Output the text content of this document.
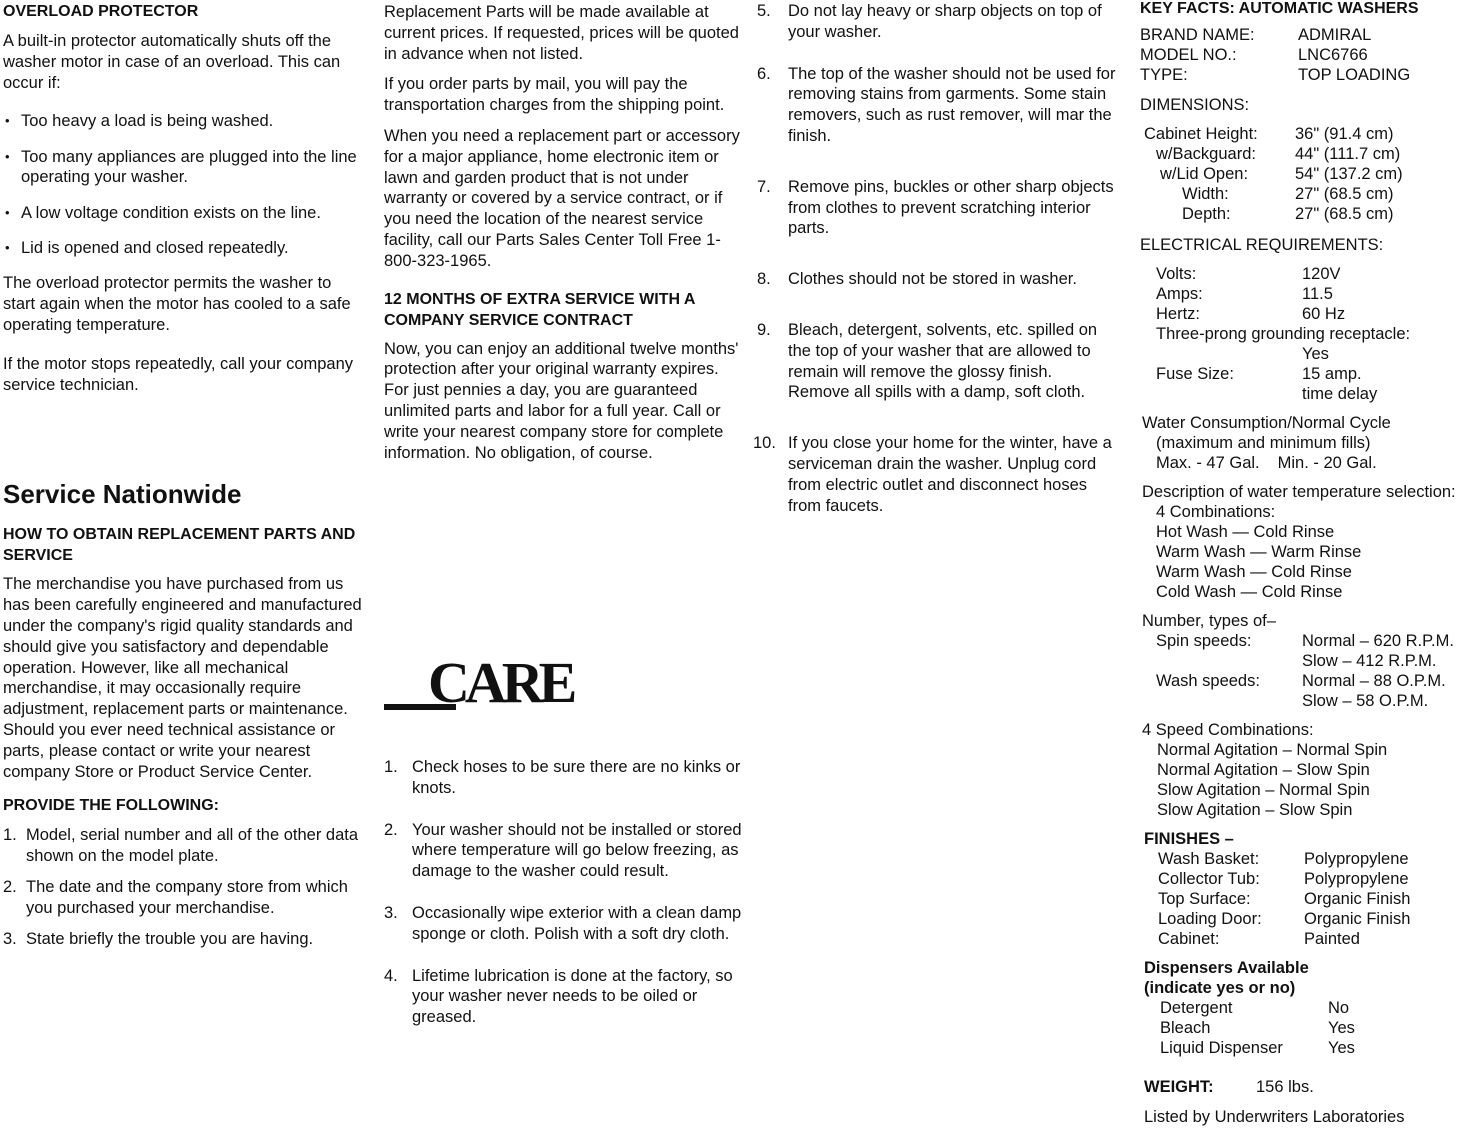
OVERLOAD PROTECTOR

A built-in protector automatically shuts off the washer motor in case of an overload. This can occur if:

• Too heavy a load is being washed.
• Too many appliances are plugged into the line operating your washer.
• A low voltage condition exists on the line.
• Lid is opened and closed repeatedly.

The overload protector permits the washer to start again when the motor has cooled to a safe operating temperature.

If the motor stops repeatedly, call your company service technician.

Service Nationwide
HOW TO OBTAIN REPLACEMENT PARTS AND SERVICE

The merchandise you have purchased from us has been carefully engineered and manufactured under the company's rigid quality standards and should give you satisfactory and dependable operation. However, like all mechanical merchandise, it may occasionally require adjustment, replacement parts or maintenance. Should you ever need technical assistance or parts, please contact or write your nearest company Store or Product Service Center.

PROVIDE THE FOLLOWING:
1. Model, serial number and all of the other data shown on the model plate.
2. The date and the company store from which you purchased your merchandise.
3. State briefly the trouble you are having.

Replacement Parts will be made available at current prices. If requested, prices will be quoted in advance when not listed.

If you order parts by mail, you will pay the transportation charges from the shipping point.

When you need a replacement part or accessory for a major appliance, home electronic item or lawn and garden product that is not under warranty or covered by a service contract, or if you need the location of the nearest service facility, call our Parts Sales Center Toll Free 1-800-323-1965.

12 MONTHS OF EXTRA SERVICE WITH A COMPANY SERVICE CONTRACT

Now, you can enjoy an additional twelve months' protection after your original warranty expires. For just pennies a day, you are guaranteed unlimited parts and labor for a full year. Call or write your nearest company store for complete information. No obligation, of course.

CARE
1. Check hoses to be sure there are no kinks or knots.
2. Your washer should not be installed or stored where temperature will go below freezing, as damage to the washer could result.
3. Occasionally wipe exterior with a clean damp sponge or cloth. Polish with a soft dry cloth.
4. Lifetime lubrication is done at the factory, so your washer never needs to be oiled or greased.
5.	Do not lay heavy or sharp objects on top of your washer.
6.	The top of the washer should not be used for removing stains from garments. Some stain removers, such as rust remover, will mar the finish.
7.	Remove pins, buckles or other sharp objects from clothes to prevent scratching interior parts.
8.	Clothes should not be stored in washer.
9.	Bleach, detergent, solvents, etc. spilled on the top of your washer that are allowed to remain will remove the glossy finish. Remove all spills with a damp, soft cloth.
10. If you close your home for the winter, have a serviceman drain the washer. Unplug cord from electric outlet and disconnect hoses from faucets.
KEY FACTS: AUTOMATIC WASHERS
BRAND NAME:	ADMIRAL
MODEL NO.:	LNC6766
TYPE:	TOP LOADING
DIMENSIONS:
Cabinet Height:	36" (91.4 cm)
w/Backguard:	44" (111.7 cm)
w/Lid Open:	54" (137.2 cm)
Width:	27" (68.5 cm)
Depth:	27" (68.5 cm)
ELECTRICAL REQUIREMENTS:
Volts:	120V
Amps:	11.5
Hertz:	60 Hz
Three-prong grounding receptacle:
Yes
Fuse Size:	15 amp.
time delay
Water Consumption/Normal Cycle
(maximum and minimum fills)
Max. - 47 Gal. Min. - 20 Gal.
Description of water temperature selection:
4 Combinations:
Hot Wash — Cold Rinse
Warm Wash — Warm Rinse
Warm Wash — Cold Rinse
Cold Wash — Cold Rinse
Number, types of–
Spin speeds:	Normal – 620 R.P.M.
Slow – 412 R.P.M.
Wash speeds:	Normal – 88 O.P.M.
Slow – 58 O.P.M.
4 Speed Combinations:
Normal Agitation – Normal Spin
Normal Agitation – Slow Spin
Slow Agitation – Normal Spin
Slow Agitation – Slow Spin
FINISHES –
Wash Basket:	Polypropylene
Collector Tub:	Polypropylene
Top Surface:	Organic Finish
Loading Door:	Organic Finish
Cabinet:	Painted
Dispensers Available
(indicate yes or no)
Detergent	No
Bleach	Yes
Liquid Dispenser	Yes
WEIGHT:	156 lbs.
Listed by Underwriters Laboratories
